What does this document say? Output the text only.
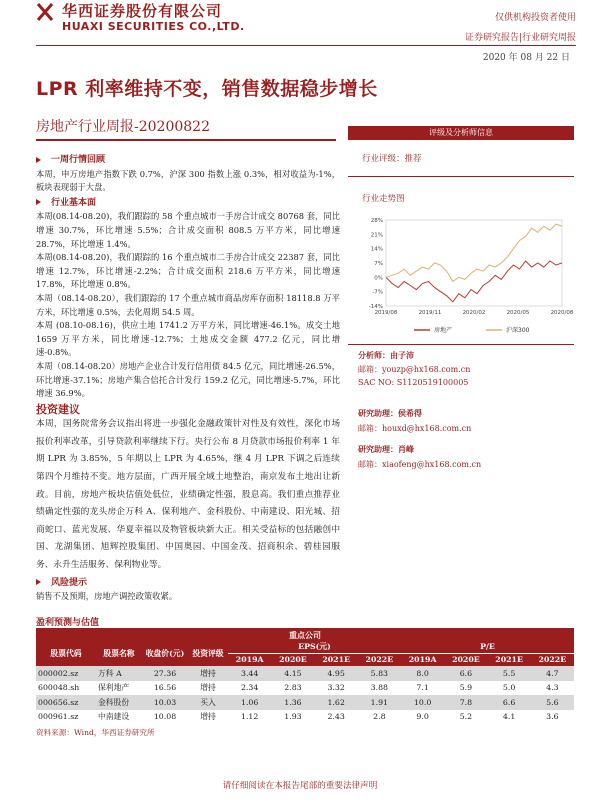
华西证券股份有限公司
HUAXI SECURITIES CO.,LTD.
仅供机构投资者使用
证券研究报告|行业研究周报
2020 年 08 月 22 日
LPR 利率维持不变，销售数据稳步增长
房地产行业周报-20200822
一周行情回顾
本周，申万房地产指数下跌 0.7%，沪深 300 指数上涨 0.3%，相对收益为-1%，板块表现弱于大盘。
行业基本面
本周(08.14-08.20)，我们跟踪的 58 个重点城市一手房合计成交 80768 套，同比增速 30.7%，环比增速 5.5%；合计成交面积 808.5 万平方米，同比增速 28.7%，环比增速 1.4%。
本周(08.14-08.20)，我们跟踪的 16 个重点城市二手房合计成交 22387 套，同比增速 12.7%，环比增速-2.2%；合计成交面积 218.6 万平方米，同比增速 17.8%，环比增速 0.8%。
本周（08.14-08.20），我们跟踪的 17 个重点城市商品房库存面积 18118.8 万平方米，环比增速 0.5%，去化周期 54.5 周。
本周 (08.10-08.16)，供应土地 1741.2 万平方米，同比增速-46.1%。成交土地 1659 万平方米，同比增速-12.7%；土地成交金额 477.2 亿元，同比增速-0.8%。
本周（08.14-08.20）房地产企业合计发行信用债 84.5 亿元，同比增速-26.5%，环比增速-37.1%；房地产集合信托合计发行 159.2 亿元，同比增速-5.7%，环比增速 36.9%。
投资建议
本周，国务院常务会议指出将进一步强化金融政策针对性及有效性，深化市场报价利率改革，引导贷款利率继续下行。央行公布 8 月贷款市场报价利率 1 年期 LPR 为 3.85%，5 年期以上 LPR 为 4.65%，继 4 月 LPR 下调之后连续第四个月维持不变。地方层面，广西开展全域土地整治，南京发布土地出让新政。目前，房地产板块估值处低位，业绩确定性强，股息高。我们重点推荐业绩确定性强的龙头房企万科 A、保利地产、金科股份、中南建设、阳光城、招商蛇口、蓝光发展、华夏幸福以及物管板块新大正。相关受益标的包括融创中国、龙湖集团、旭辉控股集团、中国奥园、中国金茂、招商积余、碧桂园服务、永升生活服务、保利物业等。
风险提示
销售不及预期，房地产调控政策收紧。
评级及分析师信息
行业评级：推荐
行业走势图
28%
21%
14%
7%
0%
-7%
-14%
2019/08	2019/11	2020/02	2020/05	2020/08
房地产	沪深300
分析师：由子沛
邮箱：youzp@hx168.com.cn
SAC NO: S1120519100005
研究助理：侯希得
邮箱：houxd@hx168.com.cn
研究助理：肖峰
邮箱：xiaofeng@hx168.com.cn
盈利预测与估值
重点公司											
股票代码	股票名称	收盘价(元)	投资评级	EPS(元)				P/E			
				2019A	2020E	2021E	2022E	2019A	2020E	2021E	2022E
000002.sz	万科 A	27.36	增持	3.44	4.15	4.95	5.83	8.0	6.6	5.5	4.7
600048.sh	保利地产	16.56	增持	2.34	2.83	3.32	3.88	7.1	5.9	5.0	4.3
000656.sz	金科股份	10.03	买入	1.06	1.36	1.62	1.91	10.0	7.8	6.6	5.6
000961.sz	中南建设	10.08	增持	1.12	1.93	2.43	2.8	9.0	5.2	4.1	3.6
资料来源：Wind，华西证券研究所
请仔细阅读在本报告尾部的重要法律声明
